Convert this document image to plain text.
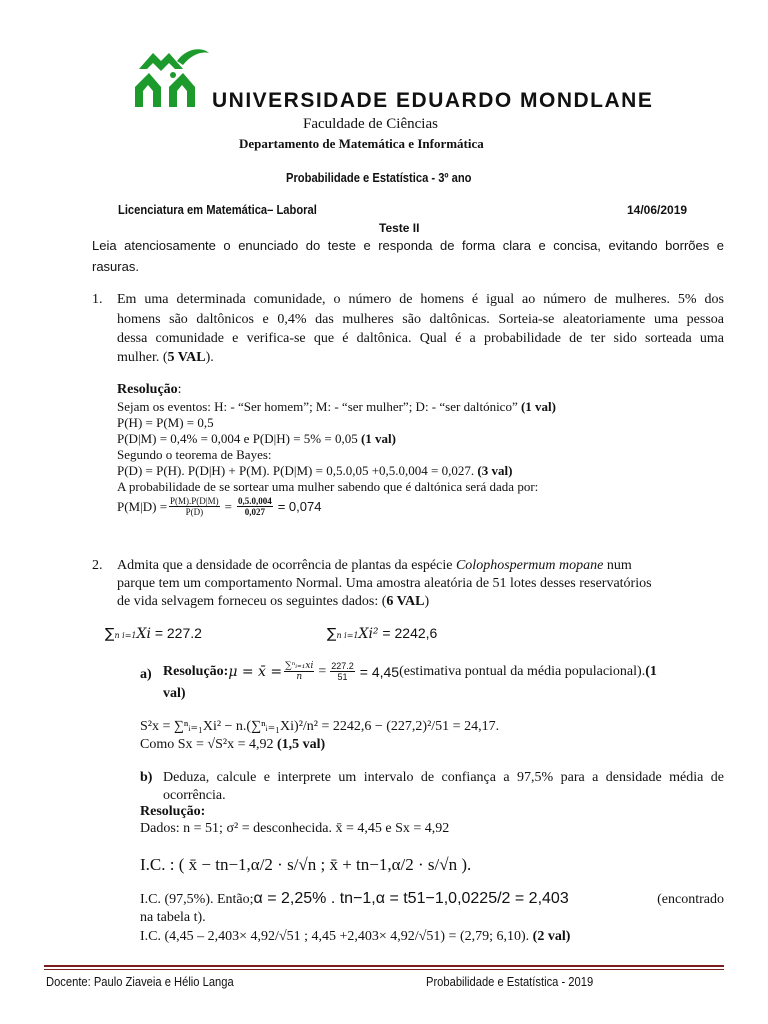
UNIVERSIDADE EDUARDO MONDLANE
Faculdade de Ciências
Departamento de Matemática e Informática
Probabilidade e Estatística - 3º ano
Licenciatura em Matemática– Laboral	14/06/2019
Teste II
Leia atenciosamente o enunciado do teste e responda de forma clara e concisa, evitando borrões e
rasuras.
1. Em uma determinada comunidade, o número de homens é igual ao número de mulheres. 5% dos
homens são daltônicos e 0,4% das mulheres são daltônicas. Sorteia-se aleatoriamente uma pessoa
dessa comunidade e verifica-se que é daltônica. Qual é a probabilidade de ter sido sorteada uma
mulher. (5 VAL).
Resolução:
Sejam os eventos: H: - “Ser homem”; M: - “ser mulher”; D: - “ser daltónico” (1 val)
P(H) = P(M) = 0,5
P(D|M) = 0,4% = 0,004 e P(D|H) = 5% = 0,05 (1 val)
Segundo o teorema de Bayes:
P(D) = P(H). P(D|H) + P(M). P(D|M) = 0,5.0,05 +0,5.0,004 = 0,027. (3 val)
A probabilidade de se sortear uma mulher sabendo que é daltónica será dada por:
$P(M|D) = \frac{P(M).P(D|M)}{P(D)} = \frac{0,5.0,004}{0,027} = 0,074$
2. Admita que a densidade de ocorrência de plantas da espécie Colophospermum mopane num
parque tem um comportamento Normal. Uma amostra aleatória de 51 lotes desses reservatórios
de vida selvagem forneceu os seguintes dados: (6 VAL)
∑n i=1Xi = 227.2	∑n i=1Xi² = 2242,6
a) Resolução: μ = x̄ = $\frac{\text{∑ⁿᵢ₌₁xi}}{n} = \frac{227.2}{51} = 4,45$ (estimativa pontual da média populacional). (1
val)
S²x = ∑ⁿᵢ₌₁Xi² − n.(∑ⁿᵢ₌₁Xi)²/n² = 2242,6 − (227,2)²/51 = 24,17.
Como Sx = √S²x = 4,92 (1,5 val)
b) Deduza, calcule e interprete um intervalo de confiança a 97,5% para a densidade média de
ocorrência.
Resolução:
Dados: n = 51; σ² = desconhecida. x̄ = 4,45 e Sx = 4,92
I.C. : ( x̄ − tn−1,α/2 · s/√n ; x̄ + tn−1,α/2 · s/√n ).
I.C. (97,5%). Então; α = 2,25% . tn−1,α = t51−1,0,0225/2 = 2,403	(encontrado
na tabela t).
I.C. (4,45 – 2,403× 4,92/√51 ; 4,45 +2,403× 4,92/√51) = (2,79; 6,10). (2 val)
Docente: Paulo Ziaveia e Hélio Langa	Probabilidade e Estatística - 2019
